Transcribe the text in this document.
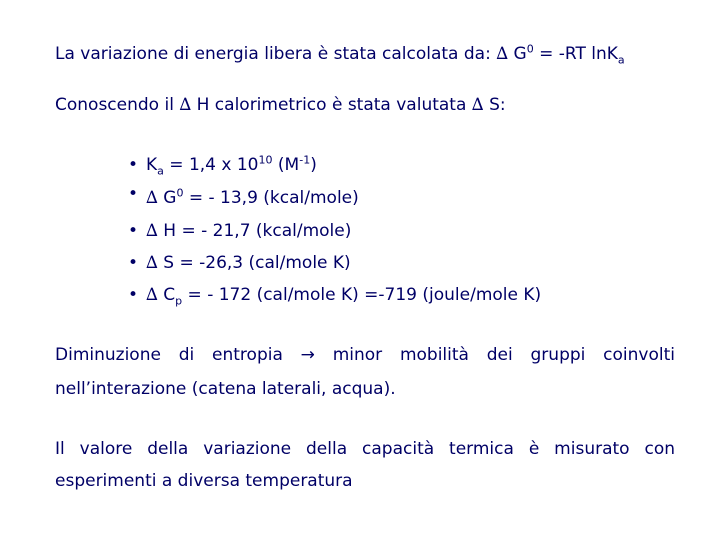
La variazione di energia libera è stata calcolata da: ∆ $G^0 = -RT$ lnK$_a$
Conoscendo il ∆ H calorimetrico è stata valutata ∆ S:
• $K_a = 1,4$ x $10^{10}$ $(M^{-1})$
• ∆ $G^0$ = - 13,9 (kcal/mole)
• ∆ H = - 21,7 (kcal/mole)
• ∆ S = -26,3 (cal/mole K)
• ∆ $C_p$ = - 172 (cal/mole K) =-719 (joule/mole K)
Diminuzione di entropia → minor mobilità dei gruppi coinvolti
nell’interazione (catena laterali, acqua).
Il valore della variazione della capacità termica è misurato con
esperimenti a diversa temperatura
